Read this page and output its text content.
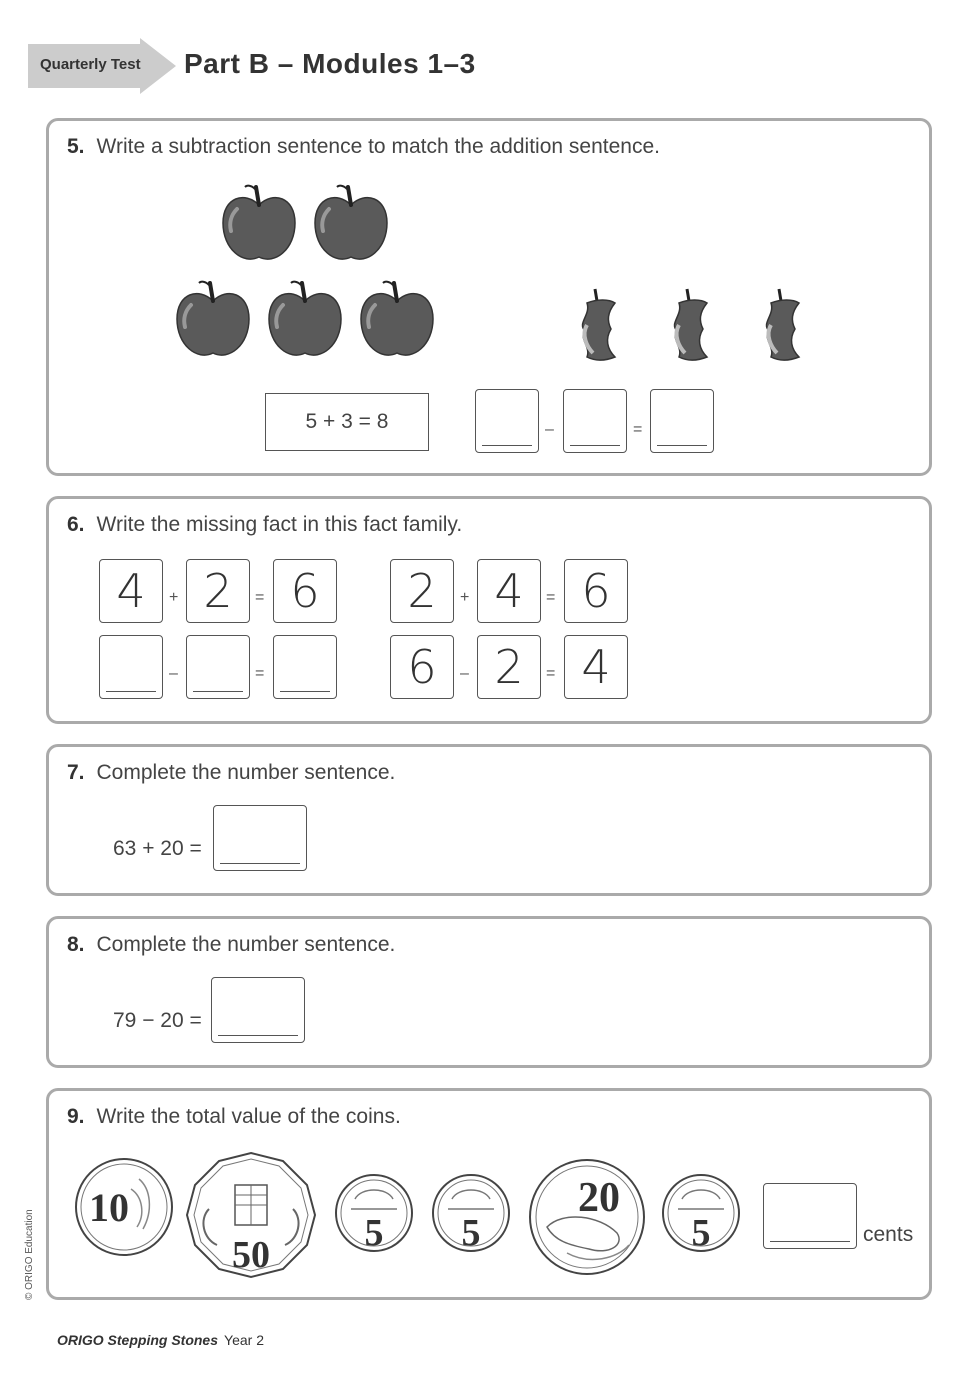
Quarterly Test Part B – Modules 1–3
5. Write a subtraction sentence to match the addition sentence.
5 + 3 = 8	–	=
6. Write the missing fact in this fact family.
4	+ 2	= 6	2	+ 4	= 6
–	=	6	– 2	= 4
7. Complete the number sentence.
63 + 20 =
8. Complete the number sentence.
79 − 20 =
9. Write the total value of the coins.
10
50
5 5
20
5	cents
© ORIGO Education
ORIGO Stepping Stones Year 2
